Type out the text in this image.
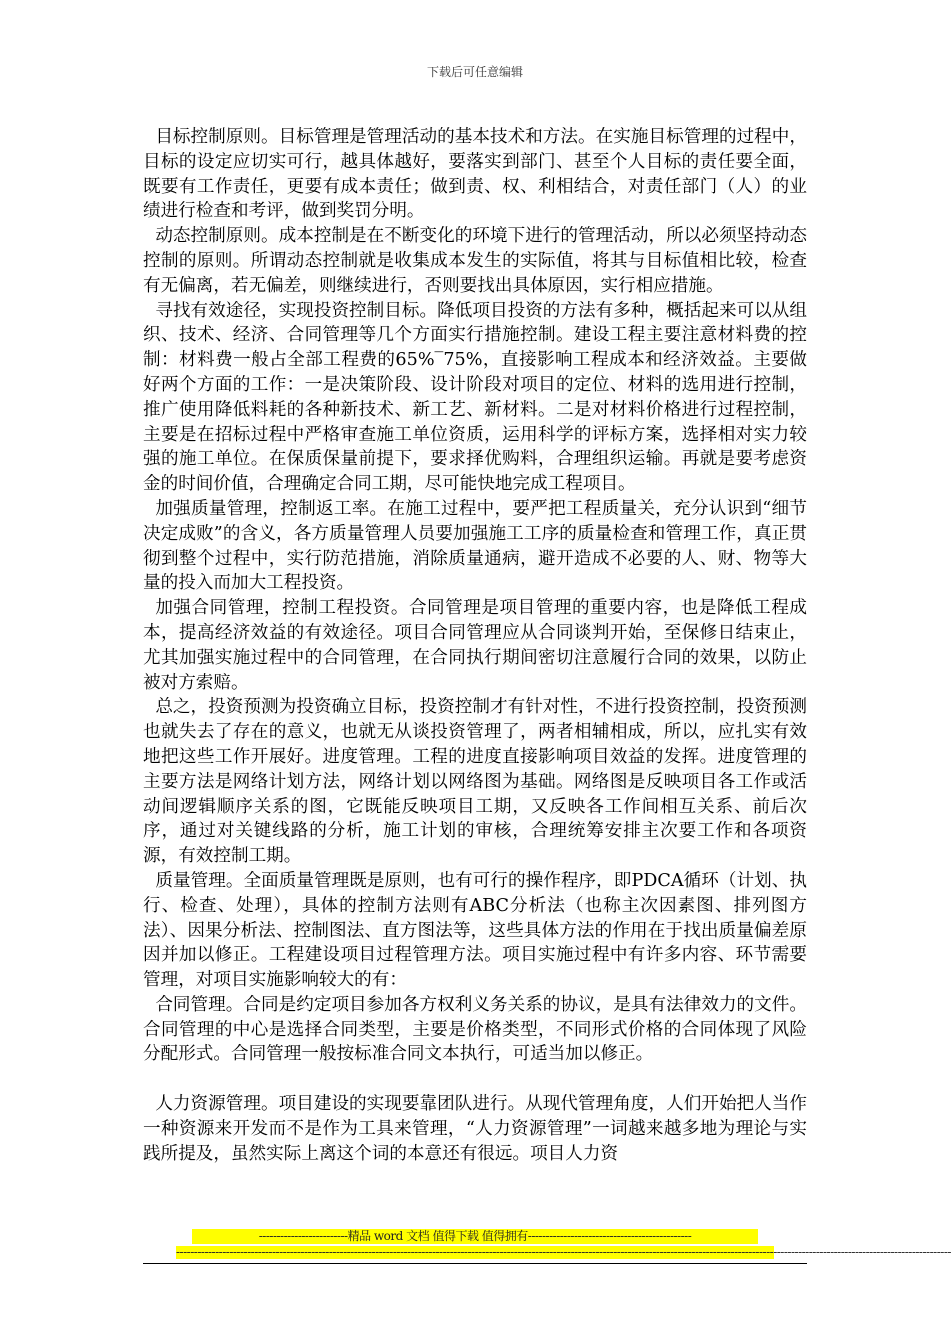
下载后可任意编辑

目标控制原则。目标管理是管理活动的基本技术和方法。在实施目标管理的过程中，目标的设定应切实可行，越具体越好，要落实到部门、甚至个人目标的责任要全面，既要有工作责任，更要有成本责任；做到责、权、利相结合，对责任部门（人）的业绩进行检查和考评，做到奖罚分明。

动态控制原则。成本控制是在不断变化的环境下进行的管理活动，所以必须坚持动态控制的原则。所谓动态控制就是收集成本发生的实际值，将其与目标值相比较，检查有无偏离，若无偏差，则继续进行，否则要找出具体原因，实行相应措施。

寻找有效途径，实现投资控制目标。降低项目投资的方法有多种，概括起来可以从组织、技术、经济、合同管理等几个方面实行措施控制。建设工程主要注意材料费的控制：材料费一般占全部工程费的65%‾75%，直接影响工程成本和经济效益。主要做好两个方面的工作：一是决策阶段、设计阶段对项目的定位、材料的选用进行控制，推广使用降低料耗的各种新技术、新工艺、新材料。二是对材料价格进行过程控制，主要是在招标过程中严格审查施工单位资质，运用科学的评标方案，选择相对实力较强的施工单位。在保质保量前提下，要求择优购料，合理组织运输。再就是要考虑资金的时间价值，合理确定合同工期，尽可能快地完成工程项目。

加强质量管理，控制返工率。在施工过程中，要严把工程质量关，充分认识到“细节决定成败”的含义，各方质量管理人员要加强施工工序的质量检查和管理工作，真正贯彻到整个过程中，实行防范措施，消除质量通病，避开造成不必要的人、财、物等大量的投入而加大工程投资。

加强合同管理，控制工程投资。合同管理是项目管理的重要内容，也是降低工程成本，提高经济效益的有效途径。项目合同管理应从合同谈判开始，至保修日结束止，尤其加强实施过程中的合同管理，在合同执行期间密切注意履行合同的效果，以防止被对方索赔。

总之，投资预测为投资确立目标，投资控制才有针对性，不进行投资控制，投资预测也就失去了存在的意义，也就无从谈投资管理了，两者相辅相成，所以，应扎实有效地把这些工作开展好。进度管理。工程的进度直接影响项目效益的发挥。进度管理的主要方法是网络计划方法，网络计划以网络图为基础。网络图是反映项目各工作或活动间逻辑顺序关系的图，它既能反映项目工期，又反映各工作间相互关系、前后次序，通过对关键线路的分析，施工计划的审核，合理统筹安排主次要工作和各项资源，有效控制工期。

质量管理。全面质量管理既是原则，也有可行的操作程序，即PDCA循环（计划、执行、检查、处理），具体的控制方法则有ABC分析法（也称主次因素图、排列图方法）、因果分析法、控制图法、直方图法等，这些具体方法的作用在于找出质量偏差原因并加以修正。工程建设项目过程管理方法。项目实施过程中有许多内容、环节需要管理，对项目实施影响较大的有：

合同管理。合同是约定项目参加各方权利义务关系的协议，是具有法律效力的文件。合同管理的中心是选择合同类型，主要是价格类型，不同形式价格的合同体现了风险分配形式。合同管理一般按标准合同文本执行，可适当加以修正。

人力资源管理。项目建设的实现要靠团队进行。从现代管理角度，人们开始把人当作一种资源来开发而不是作为工具来管理，“人力资源管理”一词越来越多地为理论与实践所提及，虽然实际上离这个词的本意还有很远。项目人力资

-------------------------精品 word 文档 值得下载 值得拥有----------------------------------------------
--------------------------------------------------------------------------------------------------------------------------------------------------------------------------------------------------------------------------
